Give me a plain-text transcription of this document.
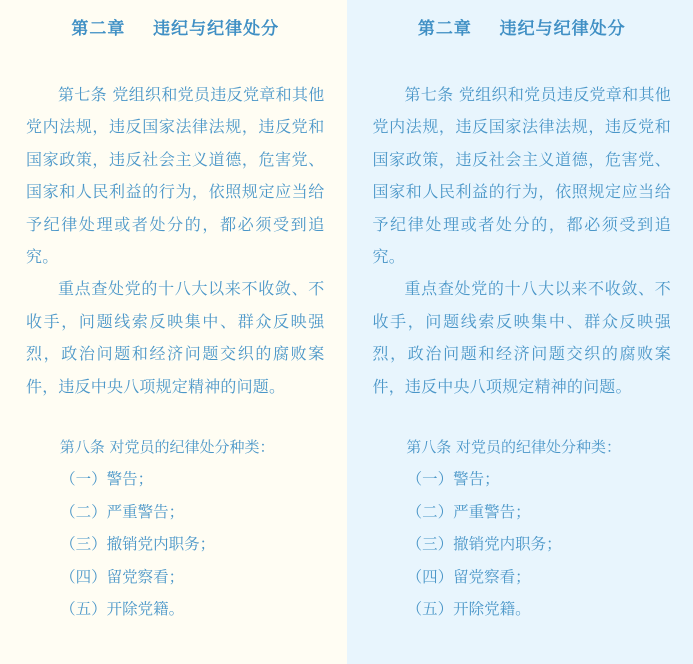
第二章    违纪与纪律处分

第七条 党组织和党员违反党章和其他党内法规，违反国家法律法规，违反党和国家政策，违反社会主义道德，危害党、国家和人民利益的行为，依照规定应当给予纪律处理或者处分的，都必须受到追究。

重点查处党的十八大以来不收敛、不收手，问题线索反映集中、群众反映强烈，政治问题和经济问题交织的腐败案件，违反中央八项规定精神的问题。

第八条 对党员的纪律处分种类：

（一）警告；
（二）严重警告；
（三）撤销党内职务；
（四）留党察看；
（五）开除党籍。
第二章    违纪与纪律处分

第七条 党组织和党员违反党章和其他党内法规，违反国家法律法规，违反党和国家政策，违反社会主义道德，危害党、国家和人民利益的行为，依照规定应当给予纪律处理或者处分的，都必须受到追究。

重点查处党的十八大以来不收敛、不收手，问题线索反映集中、群众反映强烈，政治问题和经济问题交织的腐败案件，违反中央八项规定精神的问题。

第八条 对党员的纪律处分种类：

（一）警告；
（二）严重警告；
（三）撤销党内职务；
（四）留党察看；
（五）开除党籍。
